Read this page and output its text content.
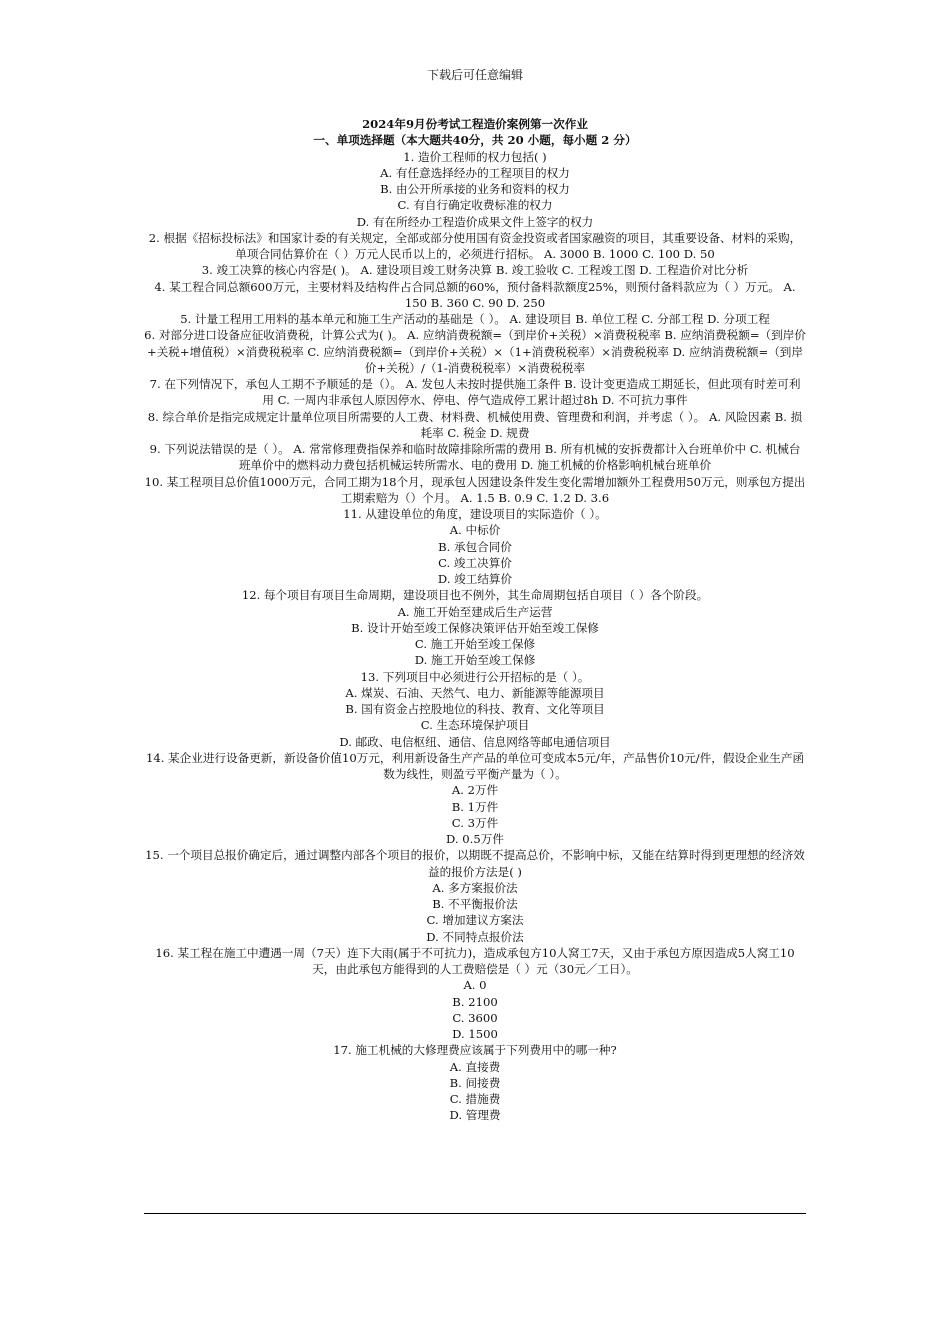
下载后可任意编辑

2024年9月份考试工程造价案例第一次作业

一、单项选择题（本大题共40分，共 20 小题，每小题 2 分）

1. 造价工程师的权力包括( )

A. 有任意选择经办的工程项目的权力

B. 由公开所承接的业务和资料的权力

C. 有自行确定收费标准的权力

D. 有在所经办工程造价成果文件上签字的权力

2. 根据《招标投标法》和国家计委的有关规定，全部或部分使用国有资金投资或者国家融资的项目，其重要设备、材料的采购，单项合同估算价在（ ）万元人民币以上的，必须进行招标。 A. 3000 B. 1000 C. 100 D. 50

3. 竣工决算的核心内容是( )。 A. 建设项目竣工财务决算 B. 竣工验收 C. 工程竣工图 D. 工程造价对比分析

4. 某工程合同总额600万元，主要材料及结构件占合同总额的60%，预付备料款额度25%，则预付备料款应为（ ）万元。 A. 150 B. 360 C. 90 D. 250

5. 计量工程用工用料的基本单元和施工生产活动的基础是（ ）。 A. 建设项目 B. 单位工程 C. 分部工程 D. 分项工程

6. 对部分进口设备应征收消费税，计算公式为( )。 A. 应纳消费税额=（到岸价+关税）×消费税税率 B. 应纳消费税额=（到岸价+关税+增值税）×消费税税率 C. 应纳消费税额=（到岸价+关税）×（1+消费税税率）×消费税税率 D. 应纳消费税额=（到岸价+关税）/（1-消费税税率）×消费税税率

7. 在下列情况下，承包人工期不予顺延的是（）。 A. 发包人未按时提供施工条件 B. 设计变更造成工期延长，但此项有时差可利用 C. 一周内非承包人原因停水、停电、停气造成停工累计超过8h D. 不可抗力事件

8. 综合单价是指完成规定计量单位项目所需要的人工费、材料费、机械使用费、管理费和利润，并考虑（ ）。 A. 风险因素 B. 损耗率 C. 税金 D. 规费

9. 下列说法错误的是（ ）。 A. 常常修理费指保养和临时故障排除所需的费用 B. 所有机械的安拆费都计入台班单价中 C. 机械台班单价中的燃料动力费包括机械运转所需水、电的费用 D. 施工机械的价格影响机械台班单价

10. 某工程项目总价值1000万元，合同工期为18个月，现承包人因建设条件发生变化需增加额外工程费用50万元，则承包方提出工期索赔为（）个月。 A. 1.5 B. 0.9 C. 1.2 D. 3.6

11. 从建设单位的角度，建设项目的实际造价（ ）。

A. 中标价

B. 承包合同价

C. 竣工决算价

D. 竣工结算价

12. 每个项目有项目生命周期，建设项目也不例外，其生命周期包括自项目（ ）各个阶段。

A. 施工开始至建成后生产运营

B. 设计开始至竣工保修决策评估开始至竣工保修

C. 施工开始至竣工保修

D. 施工开始至竣工保修

13. 下列项目中必须进行公开招标的是（ ）。

A. 煤炭、石油、天然气、电力、新能源等能源项目

B. 国有资金占控股地位的科技、教育、文化等项目

C. 生态环境保护项目

D. 邮政、电信枢纽、通信、信息网络等邮电通信项目

14. 某企业进行设备更新，新设备价值10万元，利用新设备生产产品的单位可变成本5元/年，产品售价10元/件，假设企业生产函数为线性，则盈亏平衡产量为（ ）。

A. 2万件

B. 1万件

C. 3万件

D. 0.5万件

15. 一个项目总报价确定后，通过调整内部各个项目的报价，以期既不提高总价，不影响中标，又能在结算时得到更理想的经济效益的报价方法是( )

A. 多方案报价法

B. 不平衡报价法

C. 增加建议方案法

D. 不同特点报价法

16. 某工程在施工中遭遇一周（7天）连下大雨(属于不可抗力)，造成承包方10人窝工7天，又由于承包方原因造成5人窝工10天，由此承包方能得到的人工费赔偿是（ ）元（30元／工日）。

A. 0

B. 2100

C. 3600

D. 1500

17. 施工机械的大修理费应该属于下列费用中的哪一种?

A. 直接费

B. 间接费

C. 措施费

D. 管理费
